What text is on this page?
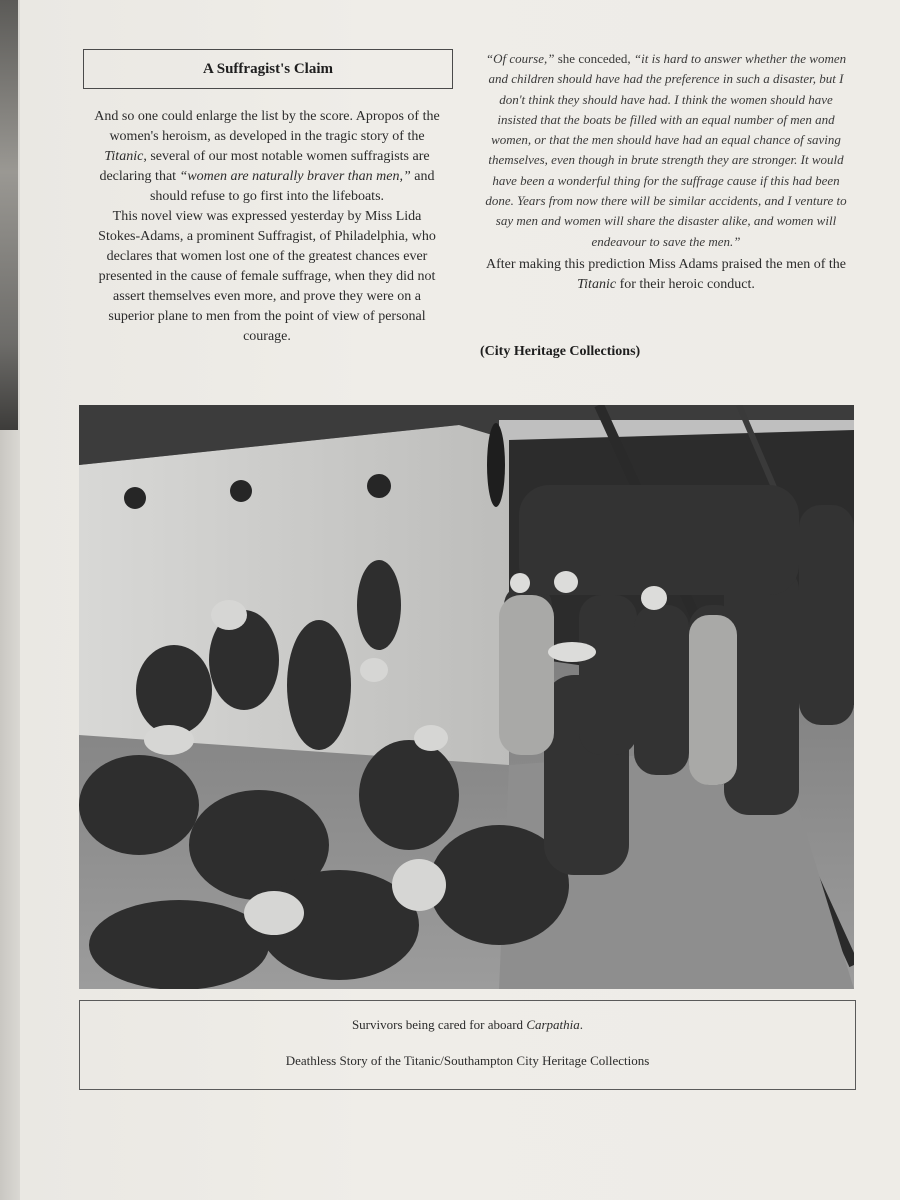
A Suffragist's Claim

And so one could enlarge the list by the score. Apropos of the women's heroism, as developed in the tragic story of the Titanic, several of our most notable women suffragists are declaring that “women are naturally braver than men,” and should refuse to go first into the lifeboats.

This novel view was expressed yesterday by Miss Lida Stokes-Adams, a prominent Suffragist, of Philadelphia, who declares that women lost one of the greatest chances ever presented in the cause of female suffrage, when they did not assert themselves even more, and prove they were on a superior plane to men from the point of view of personal courage.

“Of course,” she conceded, “it is hard to answer whether the women and children should have had the preference in such a disaster, but I don't think they should have had. I think the women should have insisted that the boats be filled with an equal number of men and women, or that the men should have had an equal chance of saving themselves, even though in brute strength they are stronger. It would have been a wonderful thing for the suffrage cause if this had been done. Years from now there will be similar accidents, and I venture to say men and women will share the disaster alike, and women will endeavour to save the men.”

After making this prediction Miss Adams praised the men of the Titanic for their heroic conduct.

(City Heritage Collections)
Survivors being cared for aboard Carpathia.
Deathless Story of the Titanic/Southampton City Heritage Collections
